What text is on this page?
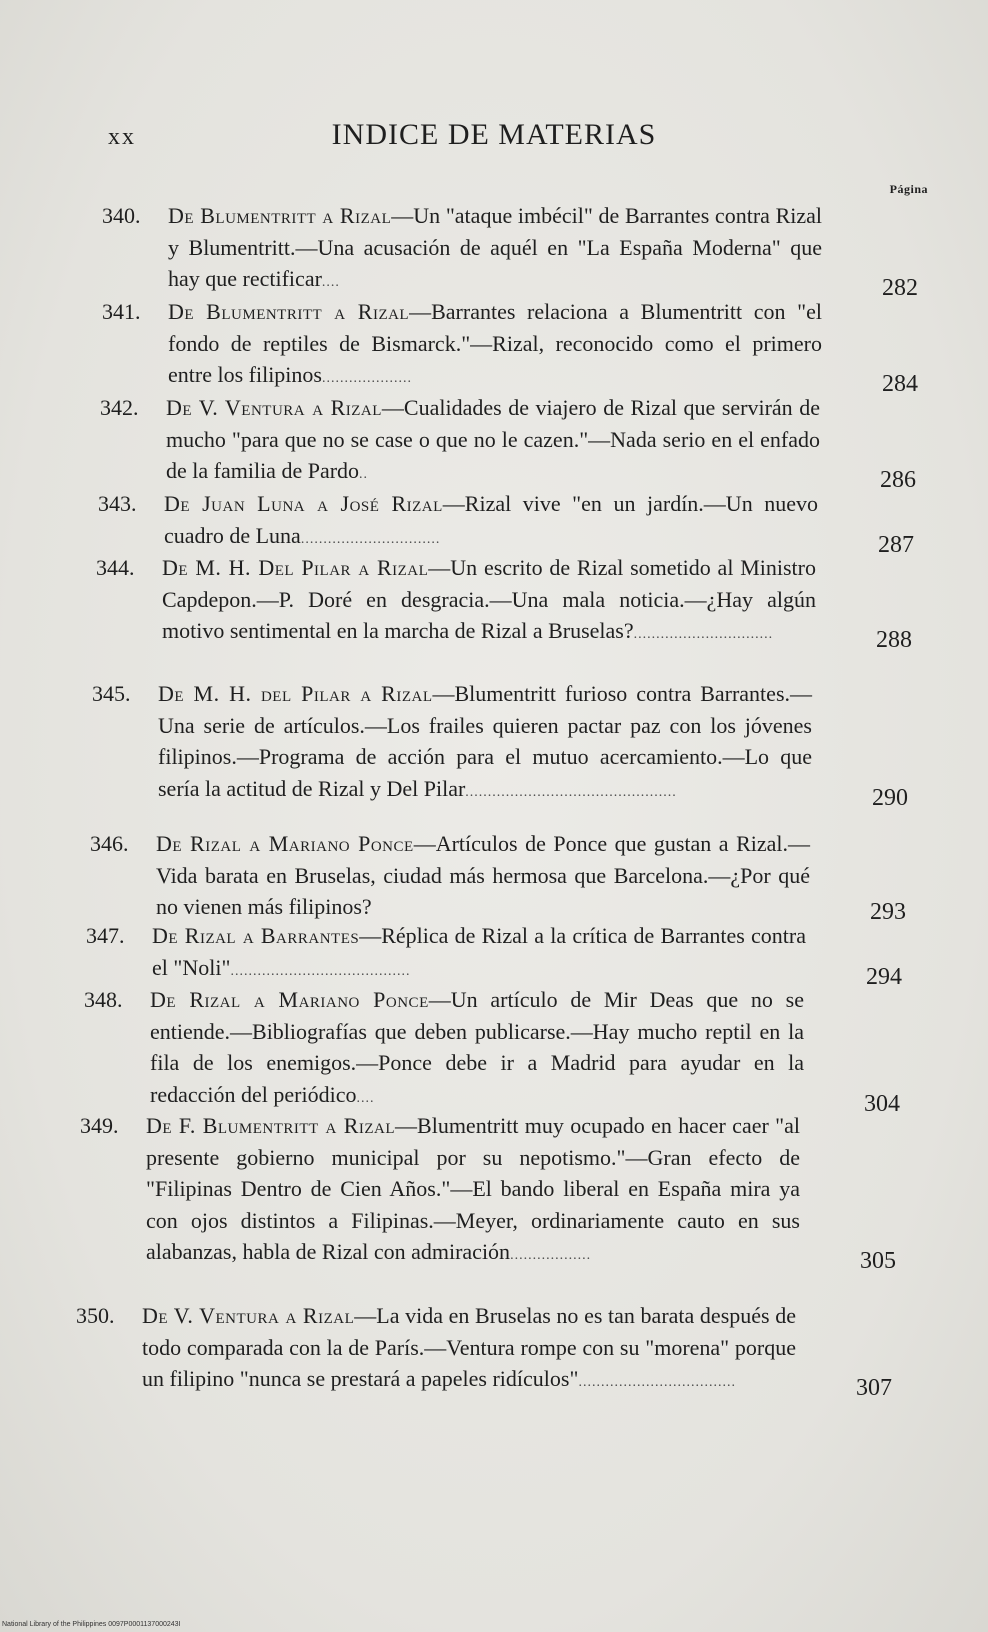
xx	INDICE DE MATERIAS
Página
340.	De Blumentritt a Rizal—Un "ataque imbécil" de Barrantes contra Rizal y Blumentritt.—Una acusación de aquél en "La España Moderna" que hay que rectificar....	282
341.	De Blumentritt a Rizal—Barrantes relaciona a Blumentritt con "el fondo de reptiles de Bismarck."—Rizal, reconocido como el primero entre los filipinos....................	284
342.	De V. Ventura a Rizal—Cualidades de viajero de Rizal que servirán de mucho "para que no se case o que no le cazen."—Nada serio en el enfado de la familia de Pardo..	286
343.	De Juan Luna a José Rizal—Rizal vive "en un jardín.—Un nuevo cuadro de Luna...............................	287
344.	De M. H. Del Pilar a Rizal—Un escrito de Rizal sometido al Ministro Capdepon.—P. Doré en desgracia.—Una mala noticia.—¿Hay algún motivo sentimental en la marcha de Rizal a Bruselas?...............................	288
345.	De M. H. del Pilar a Rizal—Blumentritt furioso contra Barrantes.—Una serie de artículos.—Los frailes quieren pactar paz con los jóvenes filipinos.—Programa de acción para el mutuo acercamiento.—Lo que sería la actitud de Rizal y Del Pilar...............................................	290
346.	De Rizal a Mariano Ponce—Artículos de Ponce que gustan a Rizal.—Vida barata en Bruselas, ciudad más hermosa que Barcelona.—¿Por qué no vienen más filipinos?	293
347.	De Rizal a Barrantes—Réplica de Rizal a la crítica de Barrantes contra el "Noli"........................................	294
348.	De Rizal a Mariano Ponce—Un artículo de Mir Deas que no se entiende.—Bibliografías que deben publicarse.—Hay mucho reptil en la fila de los enemigos.—Ponce debe ir a Madrid para ayudar en la redacción del periódico....	304
349.	De F. Blumentritt a Rizal—Blumentritt muy ocupado en hacer caer "al presente gobierno municipal por su nepotismo."—Gran efecto de "Filipinas Dentro de Cien Años."—El bando liberal en España mira ya con ojos distintos a Filipinas.—Meyer, ordinariamente cauto en sus alabanzas, habla de Rizal con admiración..................	305
350.	De V. Ventura a Rizal—La vida en Bruselas no es tan barata después de todo comparada con la de París.—Ventura rompe con su "morena" porque un filipino "nunca se prestará a papeles ridículos"...................................	307
National Library of the Philippines 0097P0001137000243I
